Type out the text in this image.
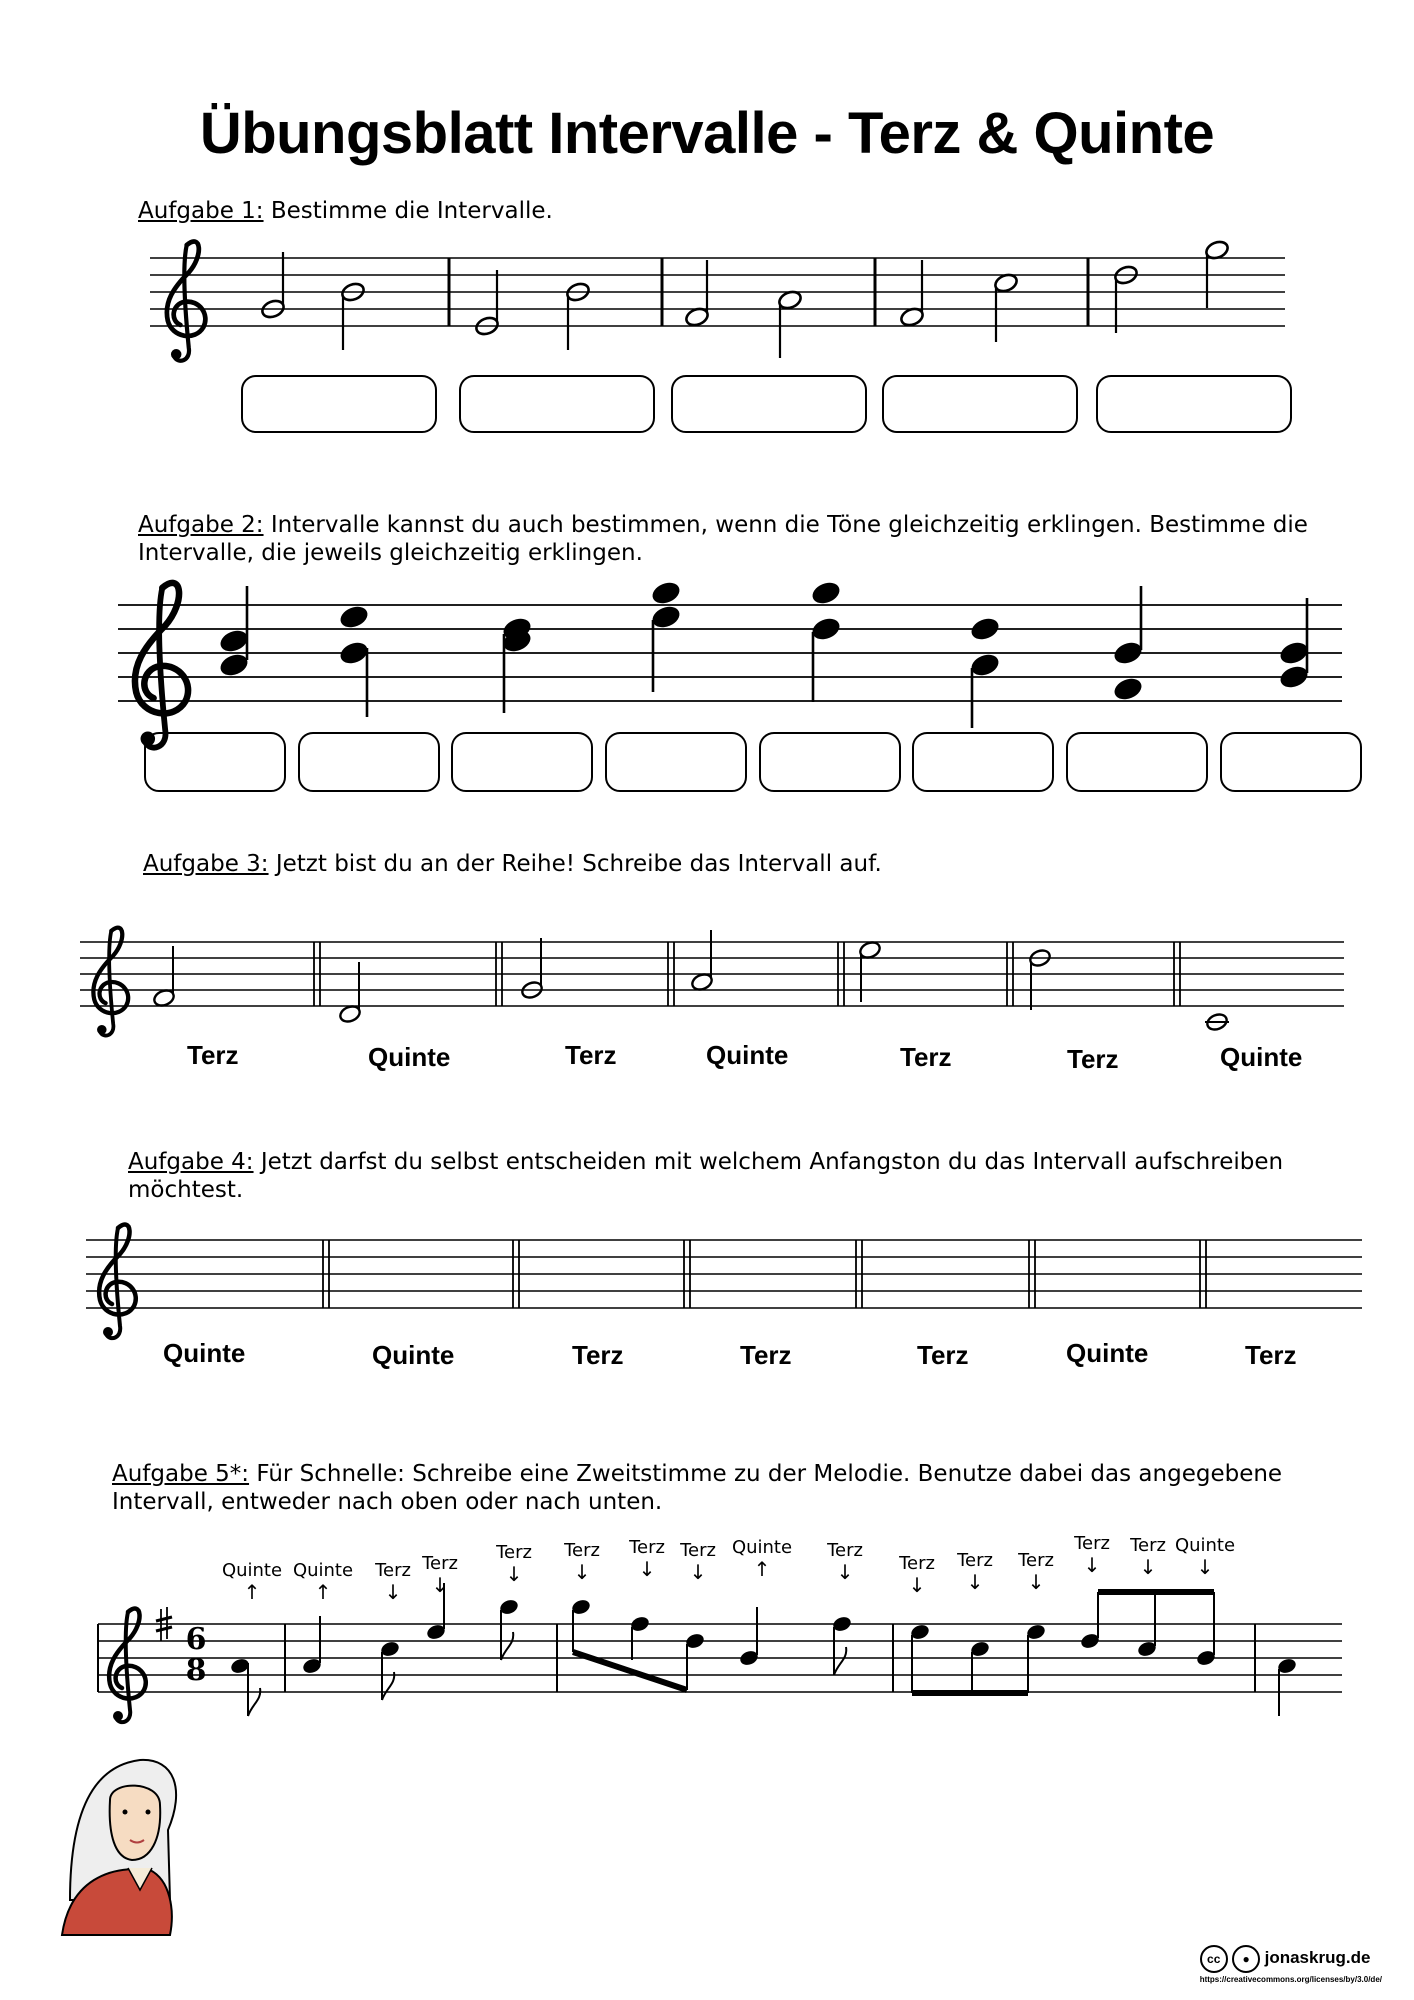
Übungsblatt Intervalle - Terz & Quinte
Aufgabe 1: Bestimme die Intervalle.
Aufgabe 2: Intervalle kannst du auch bestimmen, wenn die Töne gleichzeitig erklingen. Bestimme die Intervalle, die jeweils gleichzeitig erklingen.
Aufgabe 3: Jetzt bist du an der Reihe! Schreibe das Intervall auf.
Aufgabe 4: Jetzt darfst du selbst entscheiden mit welchem Anfangston du das Intervall aufschreiben möchtest.
Aufgabe 5*: Für Schnelle: Schreibe eine Zweitstimme zu der Melodie. Benutze dabei das angegebene Intervall, entweder nach oben oder nach unten.
Terz	Quinte	Terz	Quinte	Terz	Terz	Quinte
Quinte	Quinte	Terz	Terz	Terz	Quinte	Terz
Quinte
↑
Quinte
↑
Terz
↓
Terz
↓
Terz
↓
Terz
↓
Terz
↓
Terz
↓
Quinte
↑
Terz
↓	Terz
↓
Terz
↓
Terz
↓
Terz
↓
Terz
↓
Quinte
↓
6
8
cc ● jonaskrug.de
https://creativecommons.org/licenses/by/3.0/de/
